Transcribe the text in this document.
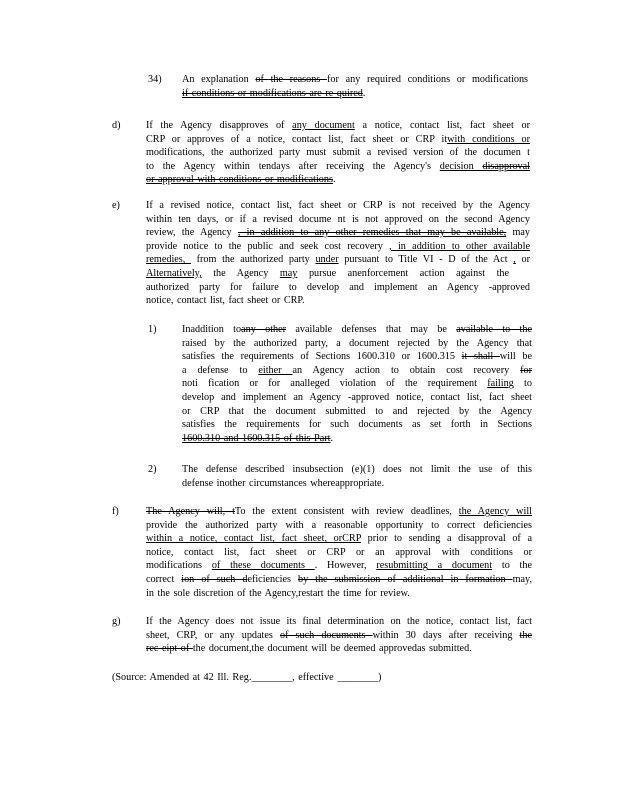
34) An explanation of the reasons for any required conditions or modifications
if conditions or modifications are re quired.
d)	If the Agency disapproves of any document a notice, contact list, fact sheet or
CRP or approves of a notice, contact list, fact sheet or CRP itwith conditions or
modifications, the authorized party must submit a revised version of the documen t
to the Agency within tendays after receiving the Agency's decision disapproval
or approval with conditions or modifications.
e)	If a revised notice, contact list, fact sheet or CRP is not received by the Agency
within ten days, or if a revised docume nt is not approved on the second Agency
review, the Agency , in addition to any other remedies that may be available, may
provide notice to the public and seek cost recovery , in addition to other available
remedies,  from the authorized party under pursuant to Title VI - D of the Act , or
Alternatively, the Agency may pursue anenforcement action against the
authorized party for failure to develop and implement an Agency -approved
notice, contact list, fact sheet or CRP.
1)	Inaddition toany other available defenses that may be available to the
raised by the authorized party, a document rejected by the Agency that
satisfies the requirements of Sections 1600.310 or 1600.315 it shall will be
a defense to either an Agency action to obtain cost recovery for
noti fication or for analleged violation of the requirement failing to
develop and implement an Agency -approved notice, contact list, fact sheet
or CRP that the document submitted to and rejected by the Agency
satisfies the requirements for such documents as set forth in Sections
1600.310 and 1600.315 of this Part.
2)	The defense described insubsection (e)(1) does not limit the use of this
defense inother circumstances whereappropriate.
f)	The Agency will, tTo the extent consistent with review deadlines, the Agency will
provide the authorized party with a reasonable opportunity to correct deficiencies
within a notice, contact list, fact sheet, orCRP prior to sending a disapproval of a
notice, contact list, fact sheet or CRP or an approval with conditions or
modifications of these documents . However, resubmitting a document to the
correct ion of such deficiencies by the submission of additional in formation may,
in the sole discretion of the Agency,restart the time for review.
g)	If the Agency does not issue its final determination on the notice, contact list, fact
sheet, CRP, or any updates of such documents within 30 days after receiving the
rec eipt of the document,the document will be deemed approvedas submitted.
(Source: Amended at 42 Ill. Reg.________, effective ________)
